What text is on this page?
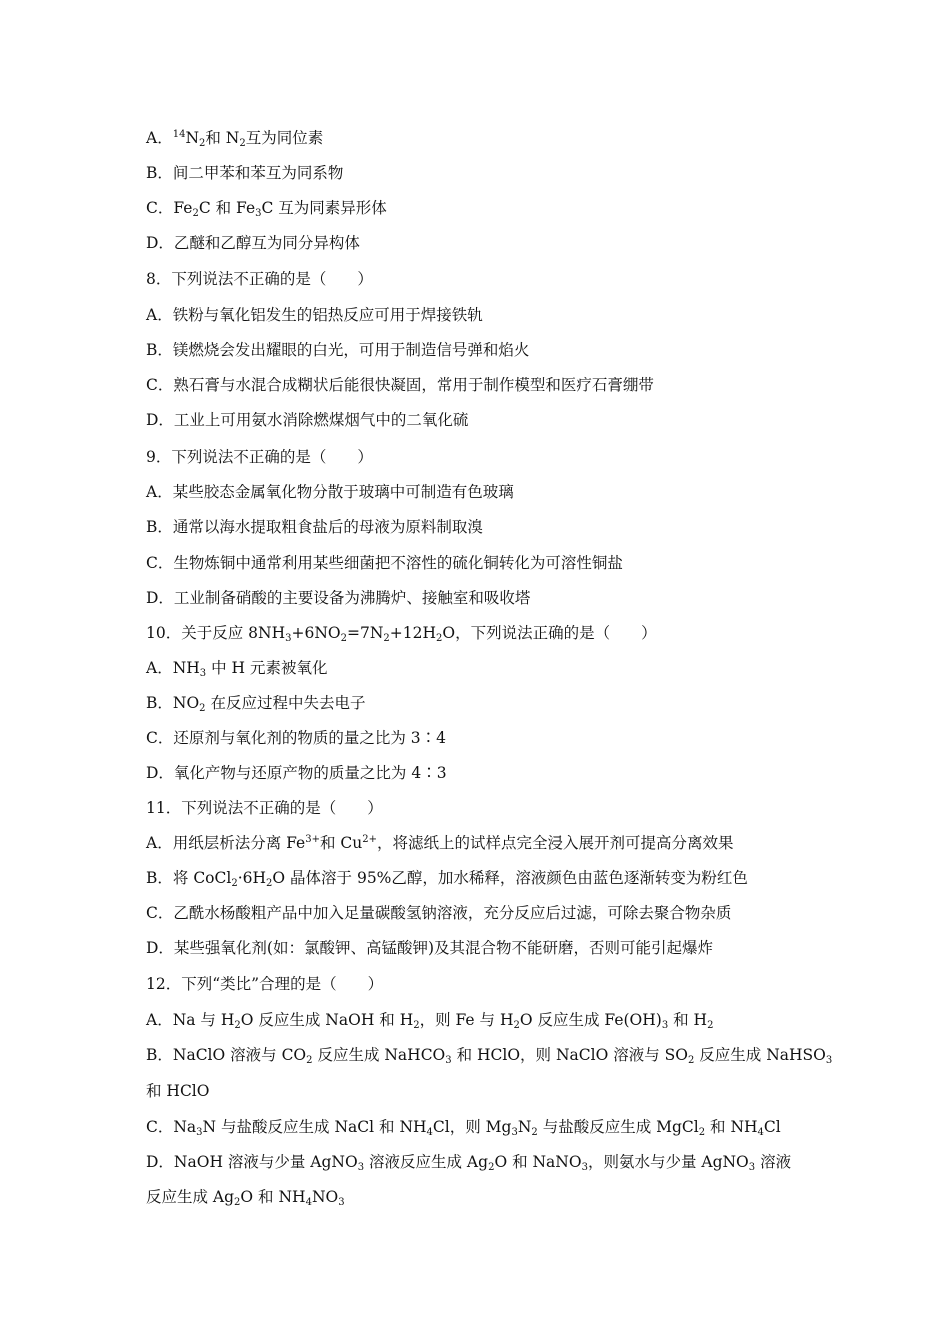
A．$^{14}N_2$和 $N_2$互为同位素
B．间二甲苯和苯互为同系物
C．$Fe_2C$ 和 $Fe_3C$ 互为同素异形体
D．乙醚和乙醇互为同分异构体
8．下列说法不正确的是（　　）
A．铁粉与氧化铝发生的铝热反应可用于焊接铁轨
B．镁燃烧会发出耀眼的白光，可用于制造信号弹和焰火
C．熟石膏与水混合成糊状后能很快凝固，常用于制作模型和医疗石膏绷带
D．工业上可用氨水消除燃煤烟气中的二氧化硫
9．下列说法不正确的是（　　）
A．某些胶态金属氧化物分散于玻璃中可制造有色玻璃
B．通常以海水提取粗食盐后的母液为原料制取溴
C．生物炼铜中通常利用某些细菌把不溶性的硫化铜转化为可溶性铜盐
D．工业制备硝酸的主要设备为沸腾炉、接触室和吸收塔
10．关于反应 $8NH_3+6NO_2=7N_2+12H_2O$，下列说法正确的是（　　）
A．$NH_3$ 中 H 元素被氧化
B．$NO_2$ 在反应过程中失去电子
C．还原剂与氧化剂的物质的量之比为 3∶4
D．氧化产物与还原产物的质量之比为 4∶3
11．下列说法不正确的是（　　）
A．用纸层析法分离 $Fe^{3+}$和 $Cu^{2+}$，将滤纸上的试样点完全浸入展开剂可提高分离效果
B．将 $CoCl_2\cdot 6H_2O$ 晶体溶于 95%乙醇，加水稀释，溶液颜色由蓝色逐渐转变为粉红色
C．乙酰水杨酸粗产品中加入足量碳酸氢钠溶液，充分反应后过滤，可除去聚合物杂质
D．某些强氧化剂(如：氯酸钾、高锰酸钾)及其混合物不能研磨，否则可能引起爆炸
12．下列“类比”合理的是（　　）
A．Na 与 $H_2O$ 反应生成 NaOH 和 $H_2$，则 Fe 与 $H_2O$ 反应生成 $Fe(OH)_3$ 和 $H_2$
B．NaClO 溶液与 $CO_2$ 反应生成 NaHCO$_3$ 和 HClO，则 NaClO 溶液与 $SO_2$ 反应生成 NaHSO$_3$
和 HClO
C．$Na_3N$ 与盐酸反应生成 NaCl 和 $NH_4Cl$，则 $Mg_3N_2$ 与盐酸反应生成 MgCl$_2$ 和 $NH_4Cl$
D．NaOH 溶液与少量 AgNO$_3$ 溶液反应生成 $Ag_2O$ 和 NaNO$_3$，则氨水与少量 AgNO$_3$ 溶液
反应生成 $Ag_2O$ 和 $NH_4NO_3$
